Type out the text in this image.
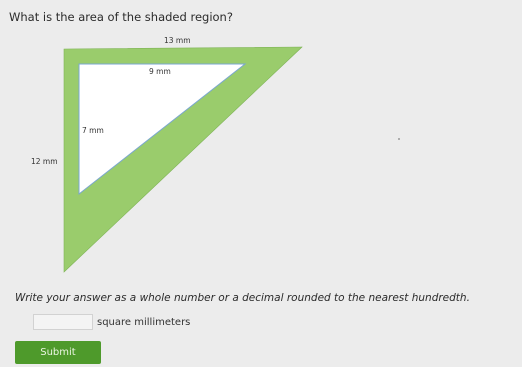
What is the area of the shaded region?

13 mm
12 mm
9 mm
7 mm

Write your answer as a whole number or a decimal rounded to the nearest hundredth.

square millimeters
Submit
